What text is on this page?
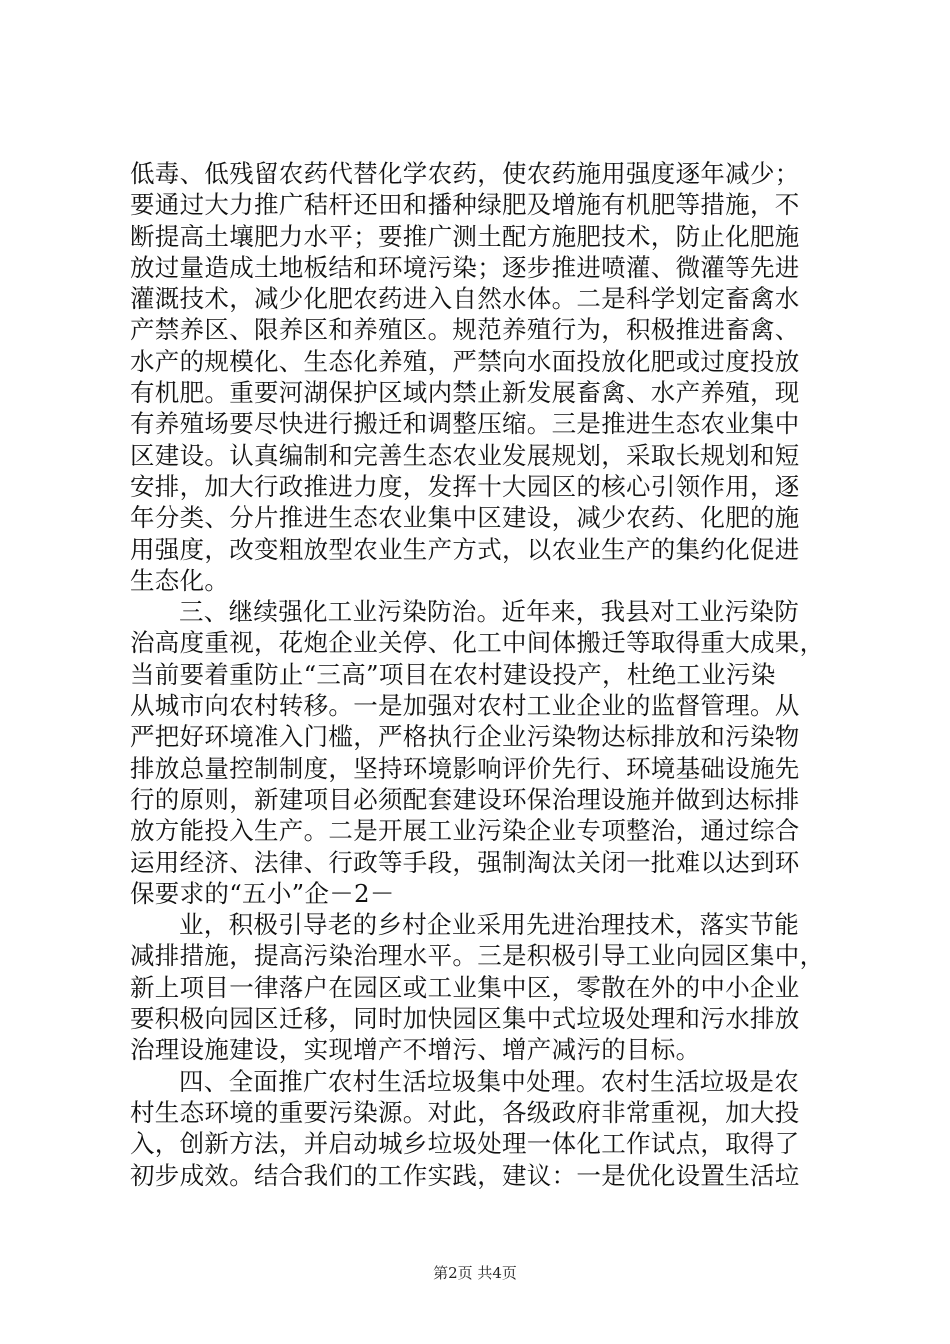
低毒、低残留农药代替化学农药，使农药施用强度逐年减少；
要通过大力推广秸杆还田和播种绿肥及增施有机肥等措施，不
断提高土壤肥力水平；要推广测土配方施肥技术，防止化肥施
放过量造成土地板结和环境污染；逐步推进喷灌、微灌等先进
灌溉技术，减少化肥农药进入自然水体。二是科学划定畜禽水
产禁养区、限养区和养殖区。规范养殖行为，积极推进畜禽、
水产的规模化、生态化养殖，严禁向水面投放化肥或过度投放
有机肥。重要河湖保护区域内禁止新发展畜禽、水产养殖，现
有养殖场要尽快进行搬迁和调整压缩。三是推进生态农业集中
区建设。认真编制和完善生态农业发展规划，采取长规划和短
安排，加大行政推进力度，发挥十大园区的核心引领作用，逐
年分类、分片推进生态农业集中区建设，减少农药、化肥的施
用强度，改变粗放型农业生产方式，以农业生产的集约化促进
生态化。
三、继续强化工业污染防治。近年来，我县对工业污染防
治高度重视，花炮企业关停、化工中间体搬迁等取得重大成果，
当前要着重防止“三高”项目在农村建设投产，杜绝工业污染
从城市向农村转移。一是加强对农村工业企业的监督管理。从
严把好环境准入门槛，严格执行企业污染物达标排放和污染物
排放总量控制制度，坚持环境影响评价先行、环境基础设施先
行的原则，新建项目必须配套建设环保治理设施并做到达标排
放方能投入生产。二是开展工业污染企业专项整治，通过综合
运用经济、法律、行政等手段，强制淘汰关闭一批难以达到环
保要求的“五小”企－2－
业，积极引导老的乡村企业采用先进治理技术，落实节能
减排措施，提高污染治理水平。三是积极引导工业向园区集中，
新上项目一律落户在园区或工业集中区，零散在外的中小企业
要积极向园区迁移，同时加快园区集中式垃圾处理和污水排放
治理设施建设，实现增产不增污、增产减污的目标。
四、全面推广农村生活垃圾集中处理。农村生活垃圾是农
村生态环境的重要污染源。对此，各级政府非常重视，加大投
入，创新方法，并启动城乡垃圾处理一体化工作试点，取得了
初步成效。结合我们的工作实践，建议：一是优化设置生活垃
第2页 共4页
